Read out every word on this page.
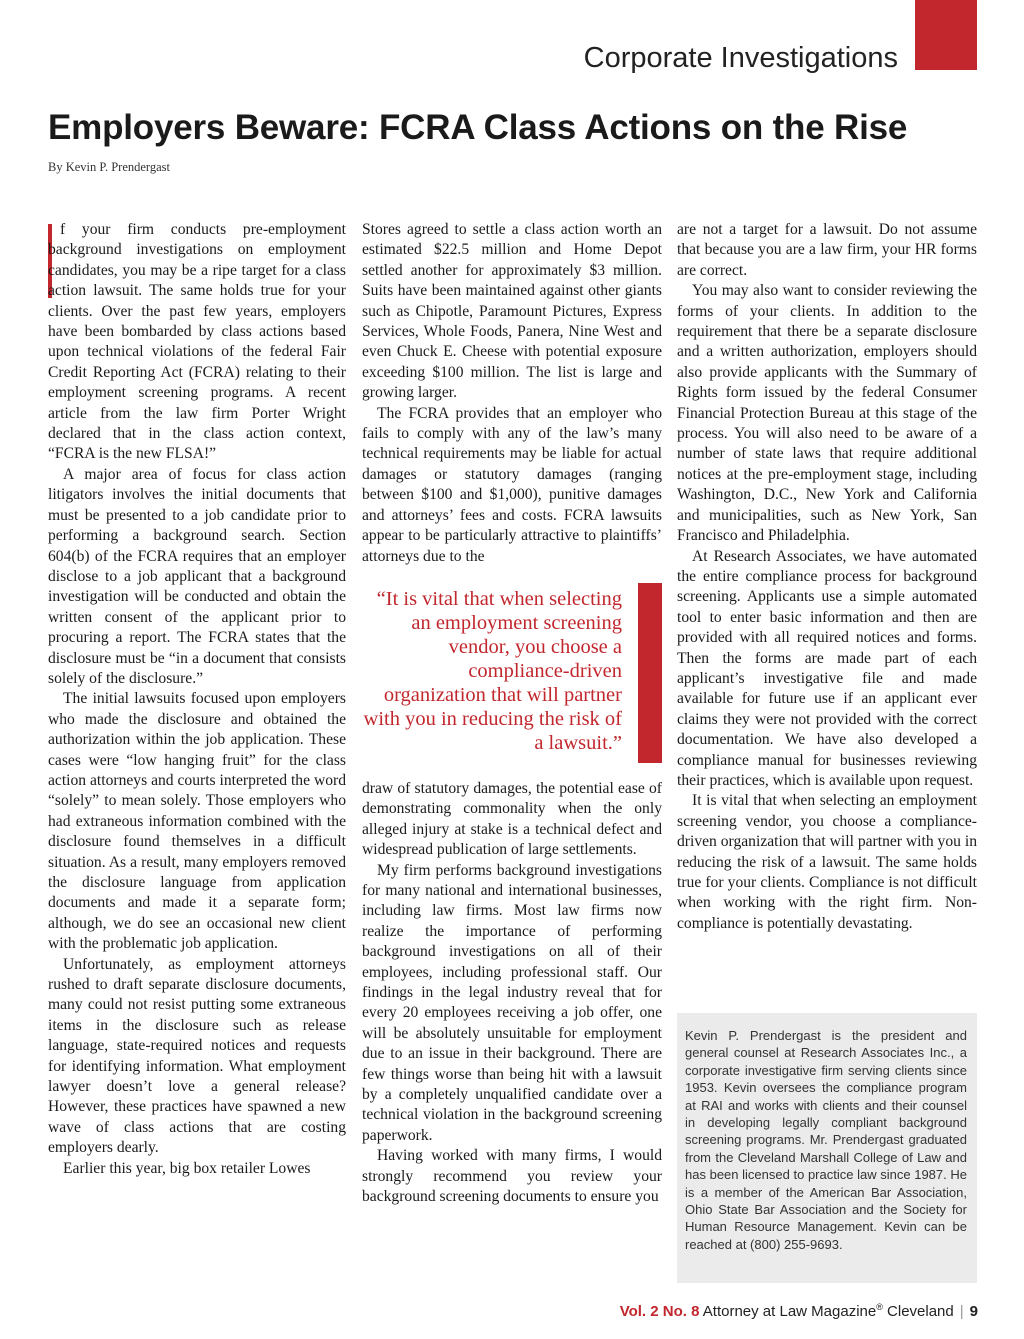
Corporate Investigations
Employers Beware: FCRA Class Actions on the Rise
By Kevin P. Prendergast

f your firm conducts pre-employment background investigations on employment candidates, you may be a ripe target for a class action lawsuit. The same holds true for your clients. Over the past few years, employers have been bombarded by class actions based upon technical violations of the federal Fair Credit Reporting Act (FCRA) relating to their employment screening programs. A recent article from the law firm Porter Wright declared that in the class action context, “FCRA is the new FLSA!”

A major area of focus for class action litigators involves the initial documents that must be presented to a job candidate prior to performing a background search. Section 604(b) of the FCRA requires that an employer disclose to a job applicant that a background investigation will be conducted and obtain the written consent of the applicant prior to procuring a report. The FCRA states that the disclosure must be “in a document that consists solely of the disclosure.”

The initial lawsuits focused upon employers who made the disclosure and obtained the authorization within the job application. These cases were “low hanging fruit” for the class action attorneys and courts interpreted the word “solely” to mean solely. Those employers who had extraneous information combined with the disclosure found themselves in a difficult situation. As a result, many employers removed the disclosure language from application documents and made it a separate form; although, we do see an occasional new client with the problematic job application.

Unfortunately, as employment attorneys rushed to draft separate disclosure documents, many could not resist putting some extraneous items in the disclosure such as release language, state-required notices and requests for identifying information. What employment lawyer doesn’t love a general release? However, these practices have spawned a new wave of class actions that are costing employers dearly.

Earlier this year, big box retailer Lowes

Stores agreed to settle a class action worth an estimated $22.5 million and Home Depot settled another for approximately $3 million. Suits have been maintained against other giants such as Chipotle, Paramount Pictures, Express Services, Whole Foods, Panera, Nine West and even Chuck E. Cheese with potential exposure exceeding $100 million. The list is large and growing larger.

The FCRA provides that an employer who fails to comply with any of the law’s many technical requirements may be liable for actual damages or statutory damages (ranging between $100 and $1,000), punitive damages and attorneys’ fees and costs. FCRA lawsuits appear to be particularly attractive to plaintiffs’ attorneys due to the

“It is vital that when selecting an employment screening vendor, you choose a compliance-driven organization that will partner with you in reducing the risk of a lawsuit.”

draw of statutory damages, the potential ease of demonstrating commonality when the only alleged injury at stake is a technical defect and widespread publication of large settlements.

My firm performs background investigations for many national and international businesses, including law firms. Most law firms now realize the importance of performing background investigations on all of their employees, including professional staff. Our findings in the legal industry reveal that for every 20 employees receiving a job offer, one will be absolutely unsuitable for employment due to an issue in their background. There are few things worse than being hit with a lawsuit by a completely unqualified candidate over a technical violation in the background screening paperwork.

Having worked with many firms, I would strongly recommend you review your background screening documents to ensure you

are not a target for a lawsuit. Do not assume that because you are a law firm, your HR forms are correct.

You may also want to consider reviewing the forms of your clients. In addition to the requirement that there be a separate disclosure and a written authorization, employers should also provide applicants with the Summary of Rights form issued by the federal Consumer Financial Protection Bureau at this stage of the process. You will also need to be aware of a number of state laws that require additional notices at the pre-employment stage, including Washington, D.C., New York and California and municipalities, such as New York, San Francisco and Philadelphia.

At Research Associates, we have automated the entire compliance process for background screening. Applicants use a simple automated tool to enter basic information and then are provided with all required notices and forms. Then the forms are made part of each applicant’s investigative file and made available for future use if an applicant ever claims they were not provided with the correct documentation. We have also developed a compliance manual for businesses reviewing their practices, which is available upon request.

It is vital that when selecting an employment screening vendor, you choose a compliance-driven organization that will partner with you in reducing the risk of a lawsuit. The same holds true for your clients. Compliance is not difficult when working with the right firm. Non-compliance is potentially devastating.

Kevin P. Prendergast is the president and general counsel at Research Associates Inc., a corporate investigative firm serving clients since 1953. Kevin oversees the compliance program at RAI and works with clients and their counsel in developing legally compliant background screening programs. Mr. Prendergast graduated from the Cleveland Marshall College of Law and has been licensed to practice law since 1987. He is a member of the American Bar Association, Ohio State Bar Association and the Society for Human Resource Management. Kevin can be reached at (800) 255-9693.

Vol. 2 No. 8 Attorney at Law Magazine® Cleveland | 9
